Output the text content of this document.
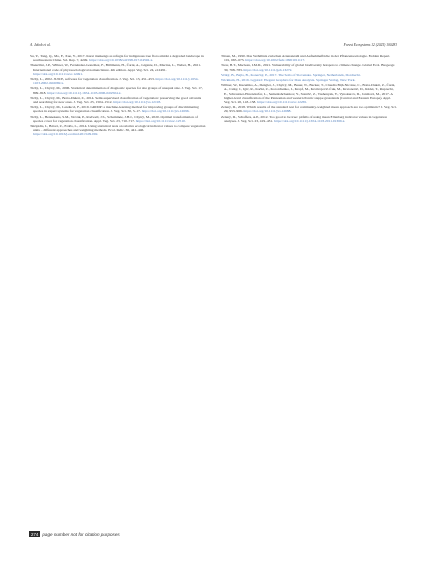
A. Jakob et al.	Forest Ecosystems 12 (2025) 100283

Su, Y., Tang, Q., Mo, F., Xue, Y., 2017. Karst tiankengs as refugia for indigenous tree flora amidst a degraded landscape in southwestern China. Sci. Rep. 7, 4249. https://doi.org/10.1038/s41598-017-04592-x.

Theurillat, J.P., Willner, W., Fernández-González, F., Bültmann, H., Čarni, A., Gigante, D., Mucina, L., Weber, H., 2021. International code of phytosociological nomenclature. 4th edition. Appl. Veg. Sci. 24, e12491. https://doi.org/10.1111/avsc.12491.

Tichý, L., 2002. JUICE, software for vegetation classification. J. Veg. Sci. 13, 451–453. https://doi.org/10.1111/j.1654-1103.2002.tb02069.x.

Tichý, L., Chytrý, M., 2006. Statistical determination of diagnostic species for site groups of unequal size. J. Veg. Sci. 17, 809–818. https://doi.org/10.1111/j.1654-1103.2006.tb02504.x.

Tichý, L., Chytrý, M., Botta-Dukát, Z., 2014. Semi-supervised classification of vegetation: preserving the good old units and searching for new ones. J. Veg. Sci. 25, 1504–1512. https://doi.org/10.1111/jvs.12193.

Tichý, L., Chytrý, M., Landucci, F., 2019. GRIMP: a machine-learning method for improving groups of discriminating species in expert systems for vegetation classification. J. Veg. Sci. 30, 5–17. https://doi.org/10.1111/jvs.12696.

Tichý, L., Hennekens, S.M., Novák, P., Rodwell, J.S., Schaminée, J.H.J., Chytrý, M., 2020. Optimal transformation of species cover for vegetation classification. Appl. Veg. Sci. 23, 710–717. https://doi.org/10.1111/avsc.12510.

Tsiripidis, I., Bátori, Z., Erdős, L., 2014. Using statistical tests on relative ecological indicator values to compare vegetation units – different approaches and weighting methods. Ecol. Indic. 36, 441–446. https://doi.org/10.1016/j.ecolind.2013.09.002.

Tüxen, M., 1990. Das Verhältnis zwischen Artenanzahl und Aufnahmefläche in der Pflanzensoziologie. Fedden Repert. 101, 665–673. https://doi.org/10.1002/fedr.19901011117.

Trew, B.T., Maclean, I.M.D., 2021. Vulnerability of global biodiversity hotspots to climate change. Global Ecol. Biogeogr. 30, 768–783. https://doi.org/10.1111/geb.13272.

Vršký, B., Bajla, B., Konečný, P., 2017. The Soils of Slovenska. Springer, Netherlands, Dordrecht.

Wickham, H., 2016. Ggplot2: Elegant Graphics for Data Analysis. Springer Verlag, New York.

Willner, W., Kuzemko, A., Dengler, J., Chytrý, M., Bauer, N., Becker, T., Claudia Biță-Nicolae, C., Botta-Dukát, Z., Čarni, A., Csiky, J., Igić, R., Kački, Z., Korotchenko, I., Kropf, M., Krstivojević-Ćuk, M., Krstonošić, D., Rédei, T., Ruprecht, E., Schrautzer-Ehrendorfer, L., Semenishchenkov, Y., Stančić, Z., Vashenyak, Y., Vynokurov, D., Janišová, M., 2017. A higher-level classification of the Pannonian and western Pontic steppe grasslands (Central and Eastern Europe). Appl. Veg. Sci. 20, 143–158. https://doi.org/10.1111/avsc.12265.

Zelený, D., 2018. Which results of the standard test for community-weighted mean approach are too optimistic? J. Veg. Sci. 29, 953–966. https://doi.org/10.1111/jvs.12688.

Zelený, D., Schaffers, A.P., 2012. Too good to be true: pitfalls of using mean Ellenberg indicator values in vegetation analyses. J. Veg. Sci. 23, 419–431. https://doi.org/10.1111/j.1654-1103.2011.01366.x.

274 page number not for citation purposes
